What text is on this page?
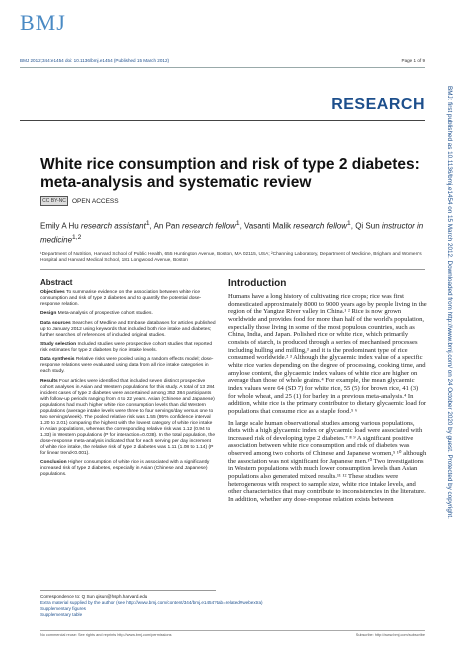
BMJ
BMJ 2012;344:e1454 doi: 10.1136/bmj.e1454 (Published 15 March 2012)	Page 1 of 9
RESEARCH
White rice consumption and risk of type 2 diabetes: meta-analysis and systematic review
CC BY-NC OPEN ACCESS
Emily A Hu research assistant$^1$, An Pan research fellow$^1$, Vasanti Malik research fellow$^1$, Qi Sun instructor in medicine$^{1,2}$
¹Department of Nutrition, Harvard School of Public Health, 655 Huntington Avenue, Boston, MA 02115, USA; ²Channing Laboratory, Department of Medicine, Brigham and Women's Hospital and Harvard Medical School, 181 Longwood Avenue, Boston
Abstract

Objectives To summarise evidence on the association between white rice consumption and risk of type 2 diabetes and to quantify the potential dose-response relation.

Design Meta-analysis of prospective cohort studies.

Data sources Searches of Medline and Embase databases for articles published up to January 2012 using keywords that included both rice intake and diabetes; further searches of references of included original studies.

Study selection Included studies were prospective cohort studies that reported risk estimates for type 2 diabetes by rice intake levels.

Data synthesis Relative risks were pooled using a random effects model; dose-response relations were evaluated using data from all rice intake categories in each study.

Results Four articles were identified that included seven distinct prospective cohort analyses in Asian and Western populations for this study. A total of 13 284 incident cases of type 2 diabetes were ascertained among 352 384 participants with follow-up periods ranging from 4 to 22 years. Asian (Chinese and Japanese) populations had much higher white rice consumption levels than did Western populations (average intake levels were three to four servings/day versus one to two servings/week). The pooled relative risk was 1.55 (95% confidence interval 1.20 to 2.01) comparing the highest with the lowest category of white rice intake in Asian populations, whereas the corresponding relative risk was 1.12 (0.94 to 1.33) in Western populations (P for interaction=0.038). In the total population, the dose-response meta-analysis indicated that for each serving per day increment of white rice intake, the relative risk of type 2 diabetes was 1.11 (1.08 to 1.14) (P for linear trend<0.001).

Conclusion Higher consumption of white rice is associated with a significantly increased risk of type 2 diabetes, especially in Asian (Chinese and Japanese) populations.

Introduction

Humans have a long history of cultivating rice crops; rice was first domesticated approximately 8000 to 9000 years ago by people living in the region of the Yangtze River valley in China.¹ ² Rice is now grown worldwide and provides food for more than half of the world's population, especially those living in some of the most populous countries, such as China, India, and Japan. Polished rice or white rice, which primarily consists of starch, is produced through a series of mechanised processes including hulling and milling,³ and it is the predominant type of rice consumed worldwide.² ³ Although the glycaemic index value of a specific white rice varies depending on the degree of processing, cooking time, and amylose content, the glycaemic index values of white rice are higher on average than those of whole grains.⁴ For example, the mean glycaemic index values were 64 (SD 7) for white rice, 55 (5) for brown rice, 41 (3) for whole wheat, and 25 (1) for barley in a previous meta-analysis.⁴ In addition, white rice is the primary contributor to dietary glycaemic load for populations that consume rice as a staple food.⁵ ⁶

In large scale human observational studies among various populations, diets with a high glycaemic index or glycaemic load were associated with increased risk of developing type 2 diabetes.⁷ ⁸ ⁹ A significant positive association between white rice consumption and risk of diabetes was observed among two cohorts of Chinese and Japanese women,⁵ ¹⁰ although the association was not significant for Japanese men.¹⁰ Two investigations in Western populations with much lower consumption levels than Asian populations also generated mixed results.¹¹ ¹² These studies were heterogeneous with respect to sample size, white rice intake levels, and other characteristics that may contribute to inconsistencies in the literature. In addition, whether any dose-response relation exists between

Correspondence to: Q Sun qisun@hsph.harvard.edu
Extra material supplied by the author (see http://www.bmj.com/content/344/bmj.e1454?tab=related#webextra)
Supplementary figures
Supplementary table
No commercial reuse: See rights and reprints http://www.bmj.com/permissions	Subscribe: http://www.bmj.com/subscribe
BMJ: first published as 10.1136/bmj.e1454 on 15 March 2012. Downloaded from http://www.bmj.com/ on 24 October 2020 by guest. Protected by copyright.
